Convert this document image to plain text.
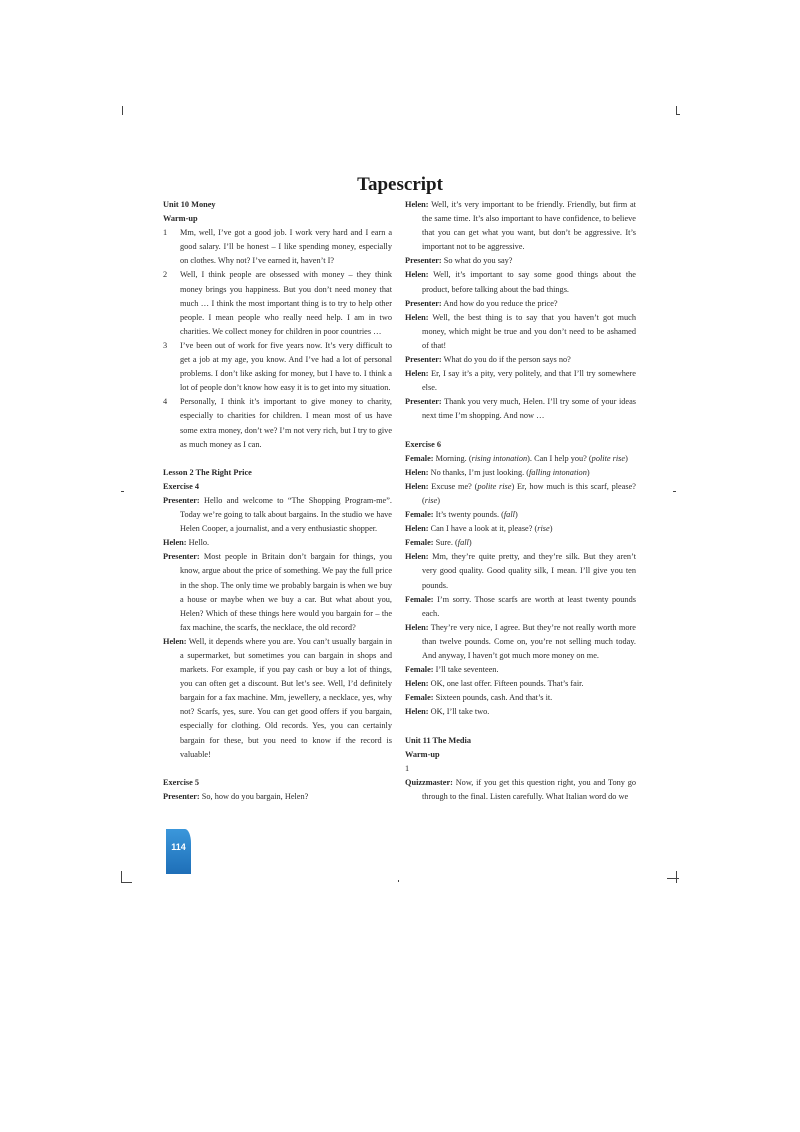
Tapescript

Unit 10 Money

Warm-up

1 Mm, well, I’ve got a good job. I work very hard and I earn a good salary. I’ll be honest – I like spending money, especially on clothes. Why not? I’ve earned it, haven’t I?

2 Well, I think people are obsessed with money – they think money brings you happiness. But you don’t need money that much … I think the most important thing is to try to help other people. I mean people who really need help. I am in two charities. We collect money for children in poor countries …

3 I’ve been out of work for five years now. It’s very difficult to get a job at my age, you know. And I’ve had a lot of personal problems. I don’t like asking for money, but I have to. I think a lot of people don’t know how easy it is to get into my situation.

4 Personally, I think it’s important to give money to charity, especially to charities for children. I mean most of us have some extra money, don’t we? I’m not very rich, but I try to give as much money as I can.

Lesson 2 The Right Price

Exercise 4

Presenter: Hello and welcome to “The Shopping Program-me”. Today we’re going to talk about bargains. In the studio we have Helen Cooper, a journalist, and a very enthusiastic shopper.

Helen: Hello.

Presenter: Most people in Britain don’t bargain for things, you know, argue about the price of something. We pay the full price in the shop. The only time we probably bargain is when we buy a house or maybe when we buy a car. But what about you, Helen? Which of these things here would you bargain for – the fax machine, the scarfs, the necklace, the old record?

Helen: Well, it depends where you are. You can’t usually bargain in a supermarket, but sometimes you can bargain in shops and markets. For example, if you pay cash or buy a lot of things, you can often get a discount. But let’s see. Well, I’d definitely bargain for a fax machine. Mm, jewellery, a necklace, yes, why not? Scarfs, yes, sure. You can get good offers if you bargain, especially for clothing. Old records. Yes, you can certainly bargain for these, but you need to know if the record is valuable!

Exercise 5

Presenter: So, how do you bargain, Helen?

Helen: Well, it’s very important to be friendly. Friendly, but firm at the same time. It’s also important to have confidence, to believe that you can get what you want, but don’t be aggressive. It’s important not to be aggressive.

Presenter: So what do you say?

Helen: Well, it’s important to say some good things about the product, before talking about the bad things.

Presenter: And how do you reduce the price?

Helen: Well, the best thing is to say that you haven’t got much money, which might be true and you don’t need to be ashamed of that!

Presenter: What do you do if the person says no?

Helen: Er, I say it’s a pity, very politely, and that I’ll try somewhere else.

Presenter: Thank you very much, Helen. I’ll try some of your ideas next time I’m shopping. And now …

Exercise 6

Female: Morning. (rising intonation). Can I help you? (polite rise)

Helen: No thanks, I’m just looking. (falling intonation)

Helen: Excuse me? (polite rise) Er, how much is this scarf, please? (rise)

Female: It’s twenty pounds. (fall)

Helen: Can I have a look at it, please? (rise)

Female: Sure. (fall)

Helen: Mm, they’re quite pretty, and they’re silk. But they aren’t very good quality. Good quality silk, I mean. I’ll give you ten pounds.

Female: I’m sorry. Those scarfs are worth at least twenty pounds each.

Helen: They’re very nice, I agree. But they’re not really worth more than twelve pounds. Come on, you’re not selling much today. And anyway, I haven’t got much more money on me.

Female: I’ll take seventeen.

Helen: OK, one last offer. Fifteen pounds. That’s fair.

Female: Sixteen pounds, cash. And that’s it.

Helen: OK, I’ll take two.

Unit 11 The Media

Warm-up

1

Quizzmaster: Now, if you get this question right, you and Tony go through to the final. Listen carefully. What Italian word do we

114
